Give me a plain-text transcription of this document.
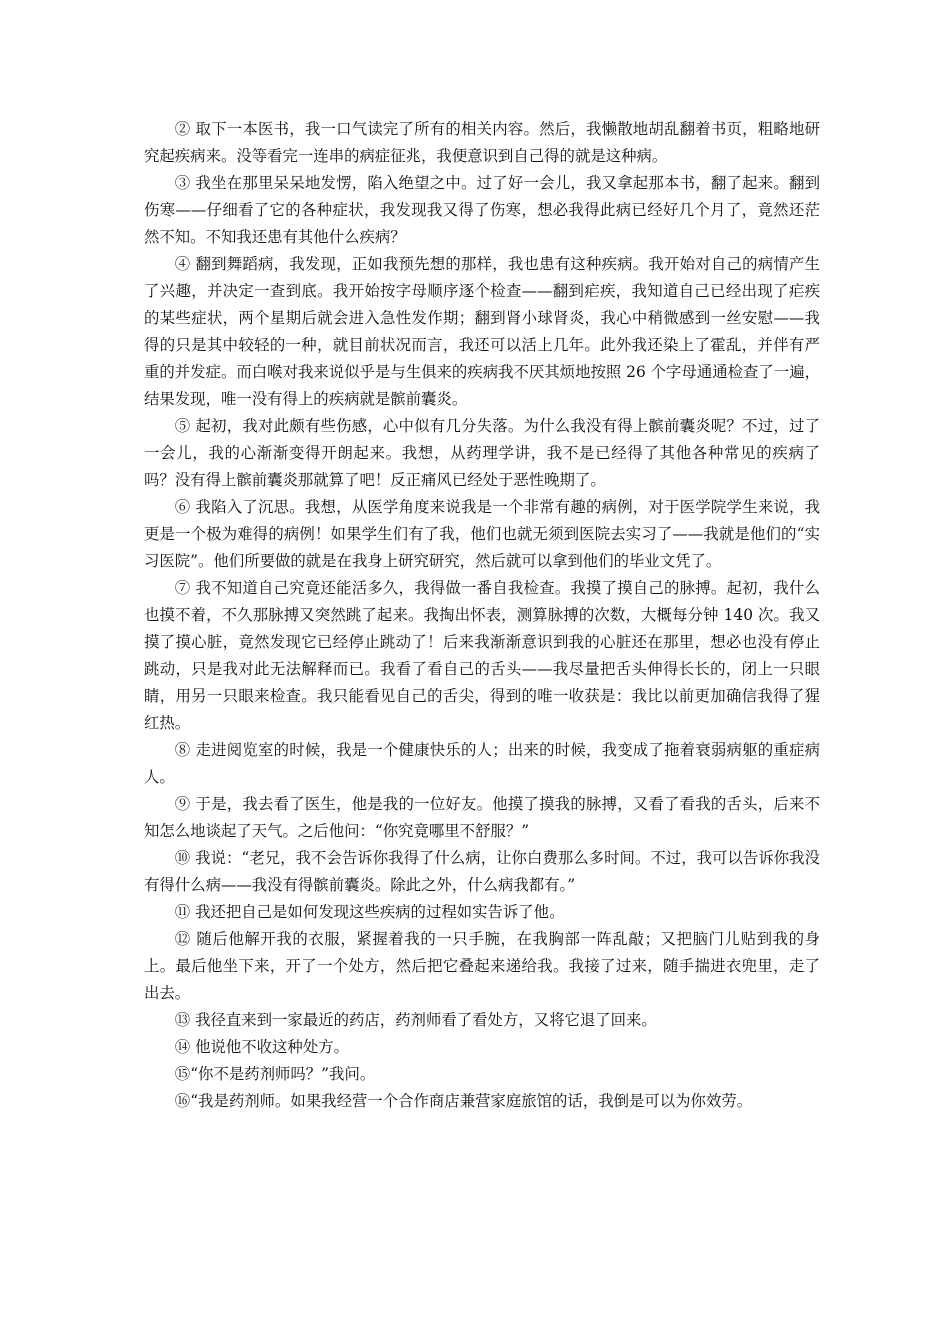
② 取下一本医书，我一口气读完了所有的相关内容。然后，我懒散地胡乱翻着书页，粗略地研究起疾病来。没等看完一连串的病症征兆，我便意识到自己得的就是这种病。

③ 我坐在那里呆呆地发愣，陷入绝望之中。过了好一会儿，我又拿起那本书，翻了起来。翻到伤寒——仔细看了它的各种症状，我发现我又得了伤寒，想必我得此病已经好几个月了，竟然还茫然不知。不知我还患有其他什么疾病？

④ 翻到舞蹈病，我发现，正如我预先想的那样，我也患有这种疾病。我开始对自己的病情产生了兴趣，并决定一查到底。我开始按字母顺序逐个检查——翻到疟疾，我知道自己已经出现了疟疾的某些症状，两个星期后就会进入急性发作期；翻到肾小球肾炎，我心中稍微感到一丝安慰——我得的只是其中较轻的一种，就目前状况而言，我还可以活上几年。此外我还染上了霍乱，并伴有严重的并发症。而白喉对我来说似乎是与生俱来的疾病我不厌其烦地按照 26 个字母通通检查了一遍，结果发现，唯一没有得上的疾病就是髌前囊炎。

⑤ 起初，我对此颇有些伤感，心中似有几分失落。为什么我没有得上髌前囊炎呢？不过，过了一会儿，我的心渐渐变得开朗起来。我想，从药理学讲，我不是已经得了其他各种常见的疾病了吗？没有得上髌前囊炎那就算了吧！反正痛风已经处于恶性晚期了。

⑥ 我陷入了沉思。我想，从医学角度来说我是一个非常有趣的病例，对于医学院学生来说，我更是一个极为难得的病例！如果学生们有了我，他们也就无须到医院去实习了——我就是他们的“实习医院”。他们所要做的就是在我身上研究研究，然后就可以拿到他们的毕业文凭了。

⑦ 我不知道自己究竟还能活多久，我得做一番自我检查。我摸了摸自己的脉搏。起初，我什么也摸不着，不久那脉搏又突然跳了起来。我掏出怀表，测算脉搏的次数，大概每分钟 140 次。我又摸了摸心脏，竟然发现它已经停止跳动了！后来我渐渐意识到我的心脏还在那里，想必也没有停止跳动，只是我对此无法解释而已。我看了看自己的舌头——我尽量把舌头伸得长长的，闭上一只眼睛，用另一只眼来检查。我只能看见自己的舌尖，得到的唯一收获是：我比以前更加确信我得了猩红热。

⑧ 走进阅览室的时候，我是一个健康快乐的人；出来的时候，我变成了拖着衰弱病躯的重症病人。

⑨ 于是，我去看了医生，他是我的一位好友。他摸了摸我的脉搏，又看了看我的舌头，后来不知怎么地谈起了天气。之后他问：“你究竟哪里不舒服？”

⑩ 我说：“老兄，我不会告诉你我得了什么病，让你白费那么多时间。不过，我可以告诉你我没有得什么病——我没有得髌前囊炎。除此之外，什么病我都有。”

⑪ 我还把自己是如何发现这些疾病的过程如实告诉了他。

⑫ 随后他解开我的衣服，紧握着我的一只手腕，在我胸部一阵乱敲；又把脑门儿贴到我的身上。最后他坐下来，开了一个处方，然后把它叠起来递给我。我接了过来，随手揣进衣兜里，走了出去。

⑬ 我径直来到一家最近的药店，药剂师看了看处方，又将它退了回来。

⑭ 他说他不收这种处方。

⑮“你不是药剂师吗？”我问。

⑯“我是药剂师。如果我经营一个合作商店兼营家庭旅馆的话，我倒是可以为你效劳。
